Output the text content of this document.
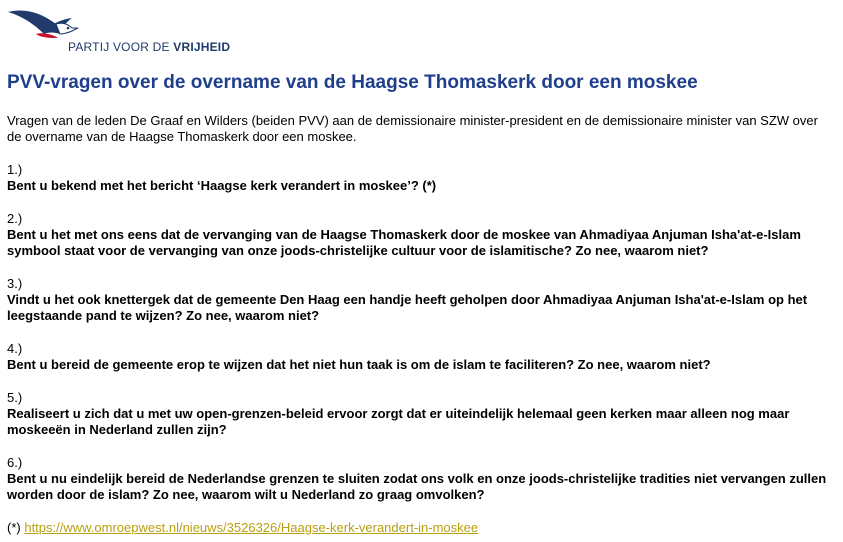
PARTIJ VOOR DE VRIJHEID
PVV-vragen over de overname van de Haagse Thomaskerk door een moskee

Vragen van de leden De Graaf en Wilders (beiden PVV) aan de demissionaire minister-president en de demissionaire minister van SZW over de overname van de Haagse Thomaskerk door een moskee.

1.)
Bent u bekend met het bericht ‘Haagse kerk verandert in moskee’? (*)
2.)
Bent u het met ons eens dat de vervanging van de Haagse Thomaskerk door de moskee van Ahmadiyaa Anjuman Isha'at-e-Islam symbool staat voor de vervanging van onze joods-christelijke cultuur voor de islamitische? Zo nee, waarom niet?
3.)
Vindt u het ook knettergek dat de gemeente Den Haag een handje heeft geholpen door Ahmadiyaa Anjuman Isha'at-e-Islam op het leegstaande pand te wijzen? Zo nee, waarom niet?
4.)
Bent u bereid de gemeente erop te wijzen dat het niet hun taak is om de islam te faciliteren? Zo nee, waarom niet?
5.)
Realiseert u zich dat u met uw open-grenzen-beleid ervoor zorgt dat er uiteindelijk helemaal geen kerken maar alleen nog maar moskeeën in Nederland zullen zijn?
6.)
Bent u nu eindelijk bereid de Nederlandse grenzen te sluiten zodat ons volk en onze joods-christelijke tradities niet vervangen zullen worden door de islam? Zo nee, waarom wilt u Nederland zo graag omvolken?

(*) https://www.omroepwest.nl/nieuws/3526326/Haagse-kerk-verandert-in-moskee
